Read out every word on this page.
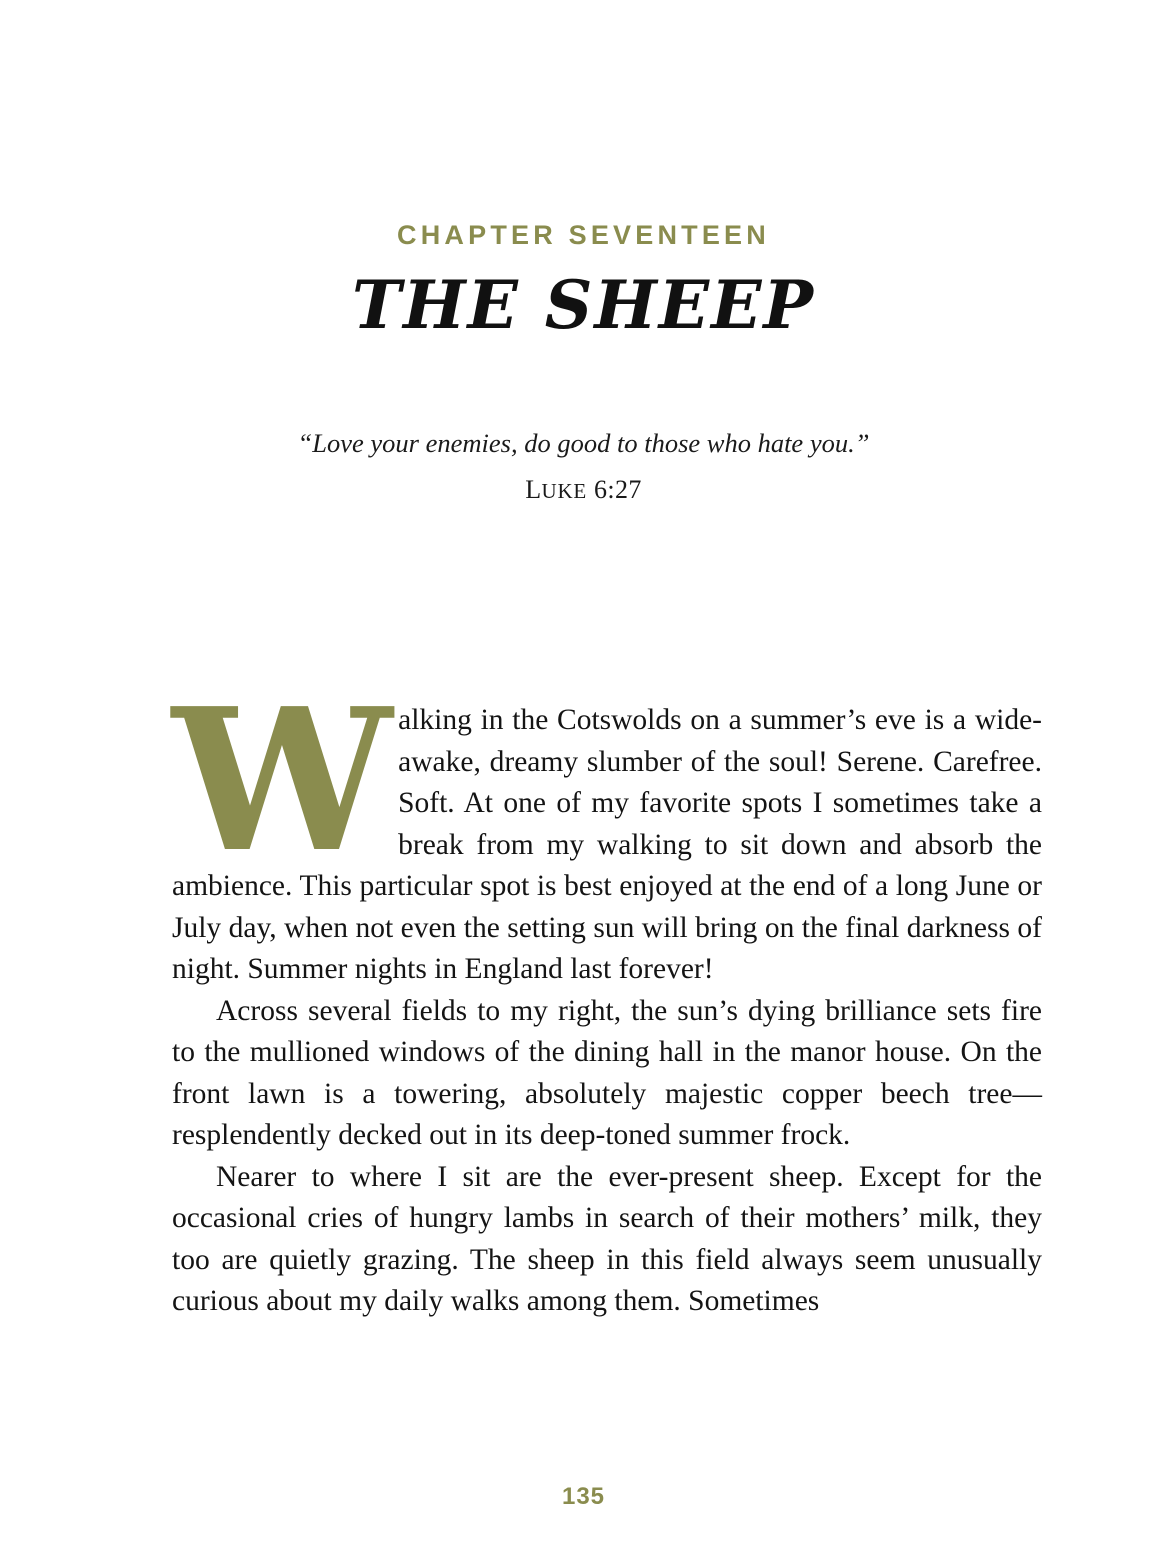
CHAPTER SEVENTEEN
THE SHEEP
“Love your enemies, do good to those who hate you.”
LUKE 6:27

Walking in the Cotswolds on a summer’s eve is a wide-awake, dreamy slumber of the soul! Serene. Carefree. Soft. At one of my favorite spots I sometimes take a break from my walking to sit down and absorb the ambience. This particular spot is best enjoyed at the end of a long June or July day, when not even the setting sun will bring on the final darkness of night. Summer nights in England last forever!

Across several fields to my right, the sun’s dying brilliance sets fire to the mullioned windows of the dining hall in the manor house. On the front lawn is a towering, absolutely majestic copper beech tree—resplendently decked out in its deep-toned summer frock.

Nearer to where I sit are the ever-present sheep. Except for the occasional cries of hungry lambs in search of their mothers’ milk, they too are quietly grazing. The sheep in this field always seem unusually curious about my daily walks among them. Sometimes

135
